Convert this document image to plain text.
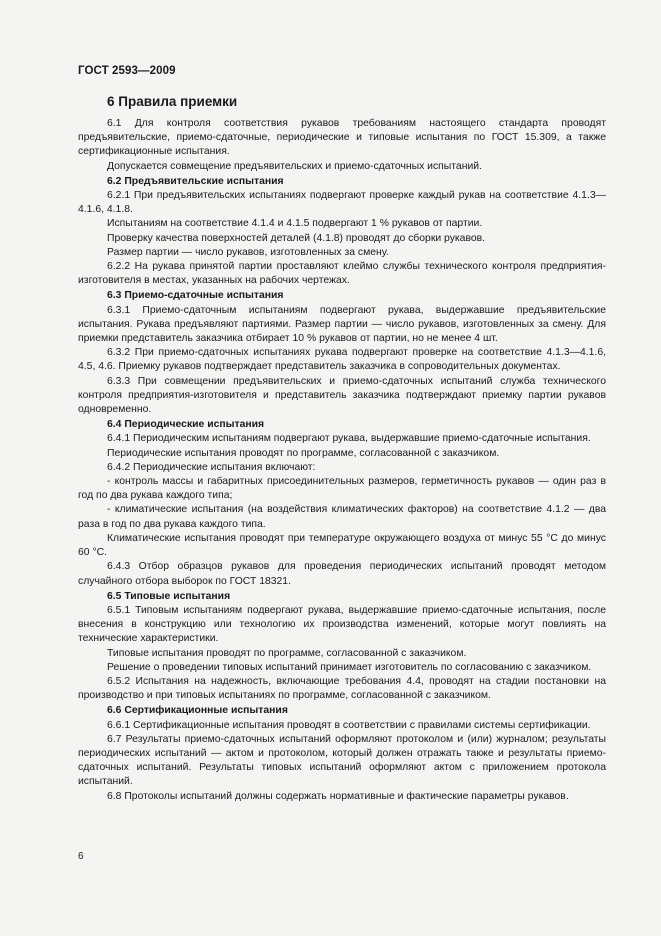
ГОСТ 2593—2009
6 Правила приемки

6.1 Для контроля соответствия рукавов требованиям настоящего стандарта проводят предъявительские, приемо-сдаточные, периодические и типовые испытания по ГОСТ 15.309, а также сертификационные испытания.

Допускается совмещение предъявительских и приемо-сдаточных испытаний.

6.2 Предъявительские испытания

6.2.1 При предъявительских испытаниях подвергают проверке каждый рукав на соответствие 4.1.3—4.1.6, 4.1.8.

Испытаниям на соответствие 4.1.4 и 4.1.5 подвергают 1 % рукавов от партии.

Проверку качества поверхностей деталей (4.1.8) проводят до сборки рукавов.

Размер партии — число рукавов, изготовленных за смену.

6.2.2 На рукава принятой партии проставляют клеймо службы технического контроля предприятия-изготовителя в местах, указанных на рабочих чертежах.

6.3 Приемо-сдаточные испытания

6.3.1 Приемо-сдаточным испытаниям подвергают рукава, выдержавшие предъявительские испытания. Рукава предъявляют партиями. Размер партии — число рукавов, изготовленных за смену. Для приемки представитель заказчика отбирает 10 % рукавов от партии, но не менее 4 шт.

6.3.2 При приемо-сдаточных испытаниях рукава подвергают проверке на соответствие 4.1.3—4.1.6, 4.5, 4.6. Приемку рукавов подтверждает представитель заказчика в сопроводительных документах.

6.3.3 При совмещении предъявительских и приемо-сдаточных испытаний служба технического контроля предприятия-изготовителя и представитель заказчика подтверждают приемку партии рукавов одновременно.

6.4 Периодические испытания

6.4.1 Периодическим испытаниям подвергают рукава, выдержавшие приемо-сдаточные испытания.

Периодические испытания проводят по программе, согласованной с заказчиком.

6.4.2 Периодические испытания включают:

- контроль массы и габаритных присоединительных размеров, герметичность рукавов — один раз в год по два рукава каждого типа;

- климатические испытания (на воздействия климатических факторов) на соответствие 4.1.2 — два раза в год по два рукава каждого типа.

Климатические испытания проводят при температуре окружающего воздуха от минус 55 °С до минус 60 °С.

6.4.3 Отбор образцов рукавов для проведения периодических испытаний проводят методом случайного отбора выборок по ГОСТ 18321.

6.5 Типовые испытания

6.5.1 Типовым испытаниям подвергают рукава, выдержавшие приемо-сдаточные испытания, после внесения в конструкцию или технологию их производства изменений, которые могут повлиять на технические характеристики.

Типовые испытания проводят по программе, согласованной с заказчиком.

Решение о проведении типовых испытаний принимает изготовитель по согласованию с заказчиком.

6.5.2 Испытания на надежность, включающие требования 4.4, проводят на стадии постановки на производство и при типовых испытаниях по программе, согласованной с заказчиком.

6.6 Сертификационные испытания

6.6.1 Сертификационные испытания проводят в соответствии с правилами системы сертификации.

6.7 Результаты приемо-сдаточных испытаний оформляют протоколом и (или) журналом; результаты периодических испытаний — актом и протоколом, который должен отражать также и результаты приемо-сдаточных испытаний. Результаты типовых испытаний оформляют актом с приложением протокола испытаний.

6.8 Протоколы испытаний должны содержать нормативные и фактические параметры рукавов.

6
